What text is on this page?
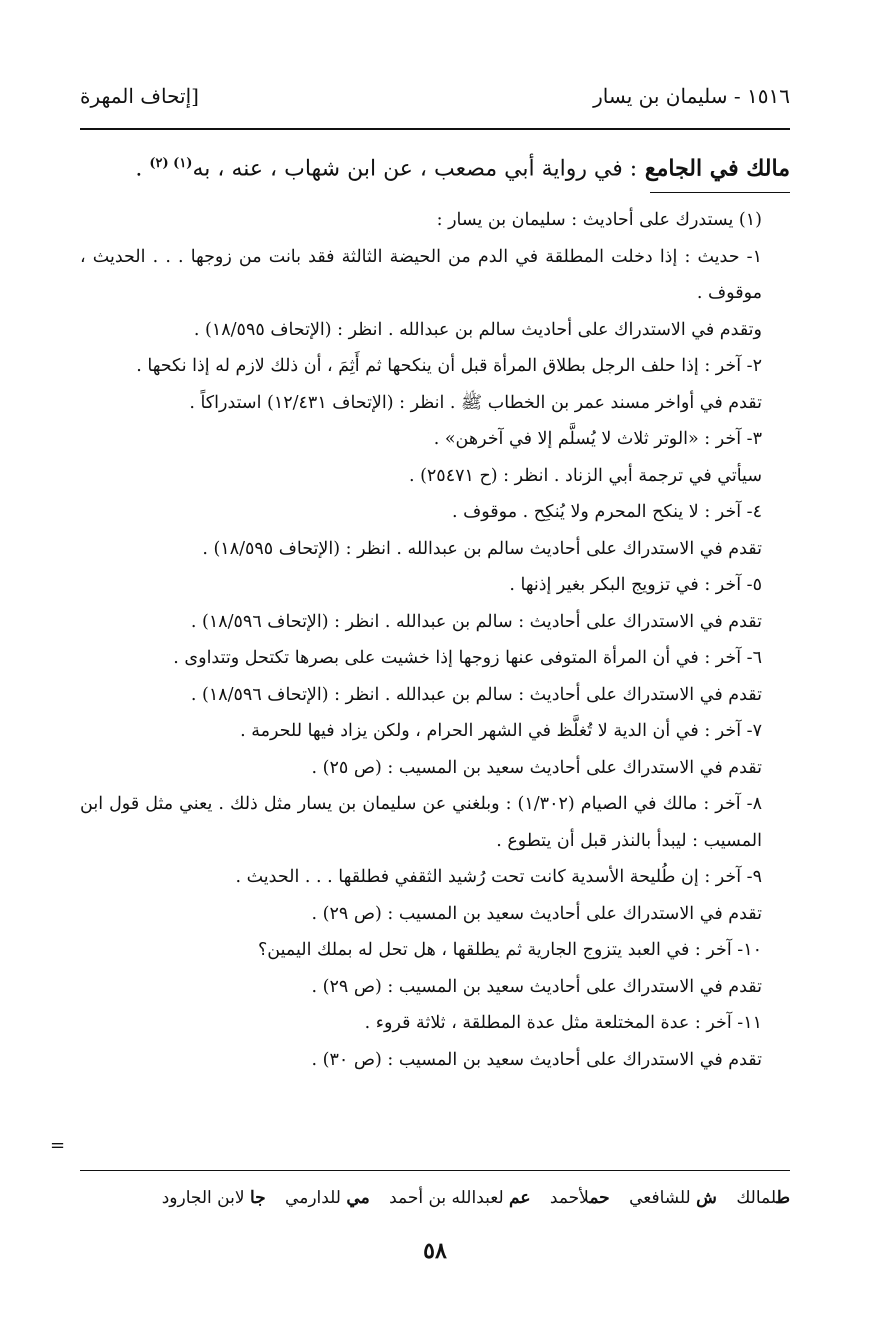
١٥١٦ - سليمان بن يسار
[إتحاف المهرة
مالك في الجامع : في رواية أبي مصعب ، عن ابن شهاب ، عنه ، به$^{(١) (٢)}$ .

(١) يستدرك على أحاديث : سليمان بن يسار :

١- حديث : إذا دخلت المطلقة في الدم من الحيضة الثالثة فقد بانت من زوجها . . . الحديث ، موقوف .

وتقدم في الاستدراك على أحاديث سالم بن عبدالله . انظر : (الإتحاف ١٨/٥٩٥) .

٢- آخر : إذا حلف الرجل بطلاق المرأة قبل أن ينكحها ثم أَثِمَ ، أن ذلك لازم له إذا نكحها .

تقدم في أواخر مسند عمر بن الخطاب ﷺ . انظر : (الإتحاف ١٢/٤٣١) استدراكاً .

٣- آخر : «الوتر ثلاث لا يُسلَّم إلا في آخرهن» .

سيأتي في ترجمة أبي الزناد . انظر : (ح ٢٥٤٧١) .

٤- آخر : لا ينكح المحرم ولا يُنكِح . موقوف .

تقدم في الاستدراك على أحاديث سالم بن عبدالله . انظر : (الإتحاف ١٨/٥٩٥) .

٥- آخر : في تزويج البكر بغير إذنها .

تقدم في الاستدراك على أحاديث : سالم بن عبدالله . انظر : (الإتحاف ١٨/٥٩٦) .

٦- آخر : في أن المرأة المتوفى عنها زوجها إذا خشيت على بصرها تكتحل وتتداوى .

تقدم في الاستدراك على أحاديث : سالم بن عبدالله . انظر : (الإتحاف ١٨/٥٩٦) .

٧- آخر : في أن الدية لا تُغلَّظ في الشهر الحرام ، ولكن يزاد فيها للحرمة .

تقدم في الاستدراك على أحاديث سعيد بن المسيب : (ص ٢٥) .

٨- آخر : مالك في الصيام (١/٣٠٢) : وبلغني عن سليمان بن يسار مثل ذلك . يعني مثل قول ابن المسيب : ليبدأ بالنذر قبل أن يتطوع .

٩- آخر : إن طُليحة الأسدية كانت تحت رُشيد الثقفي فطلقها . . . الحديث .

تقدم في الاستدراك على أحاديث سعيد بن المسيب : (ص ٢٩) .

١٠- آخر : في العبد يتزوج الجارية ثم يطلقها ، هل تحل له بملك اليمين؟

تقدم في الاستدراك على أحاديث سعيد بن المسيب : (ص ٢٩) .

١١- آخر : عدة المختلعة مثل عدة المطلقة ، ثلاثة قروء .

تقدم في الاستدراك على أحاديث سعيد بن المسيب : (ص ٣٠) .

طلمالك ش للشافعي حملأحمد عم لعبدالله بن أحمد مي للدارمي جا لابن الجارود
٥٨
=
